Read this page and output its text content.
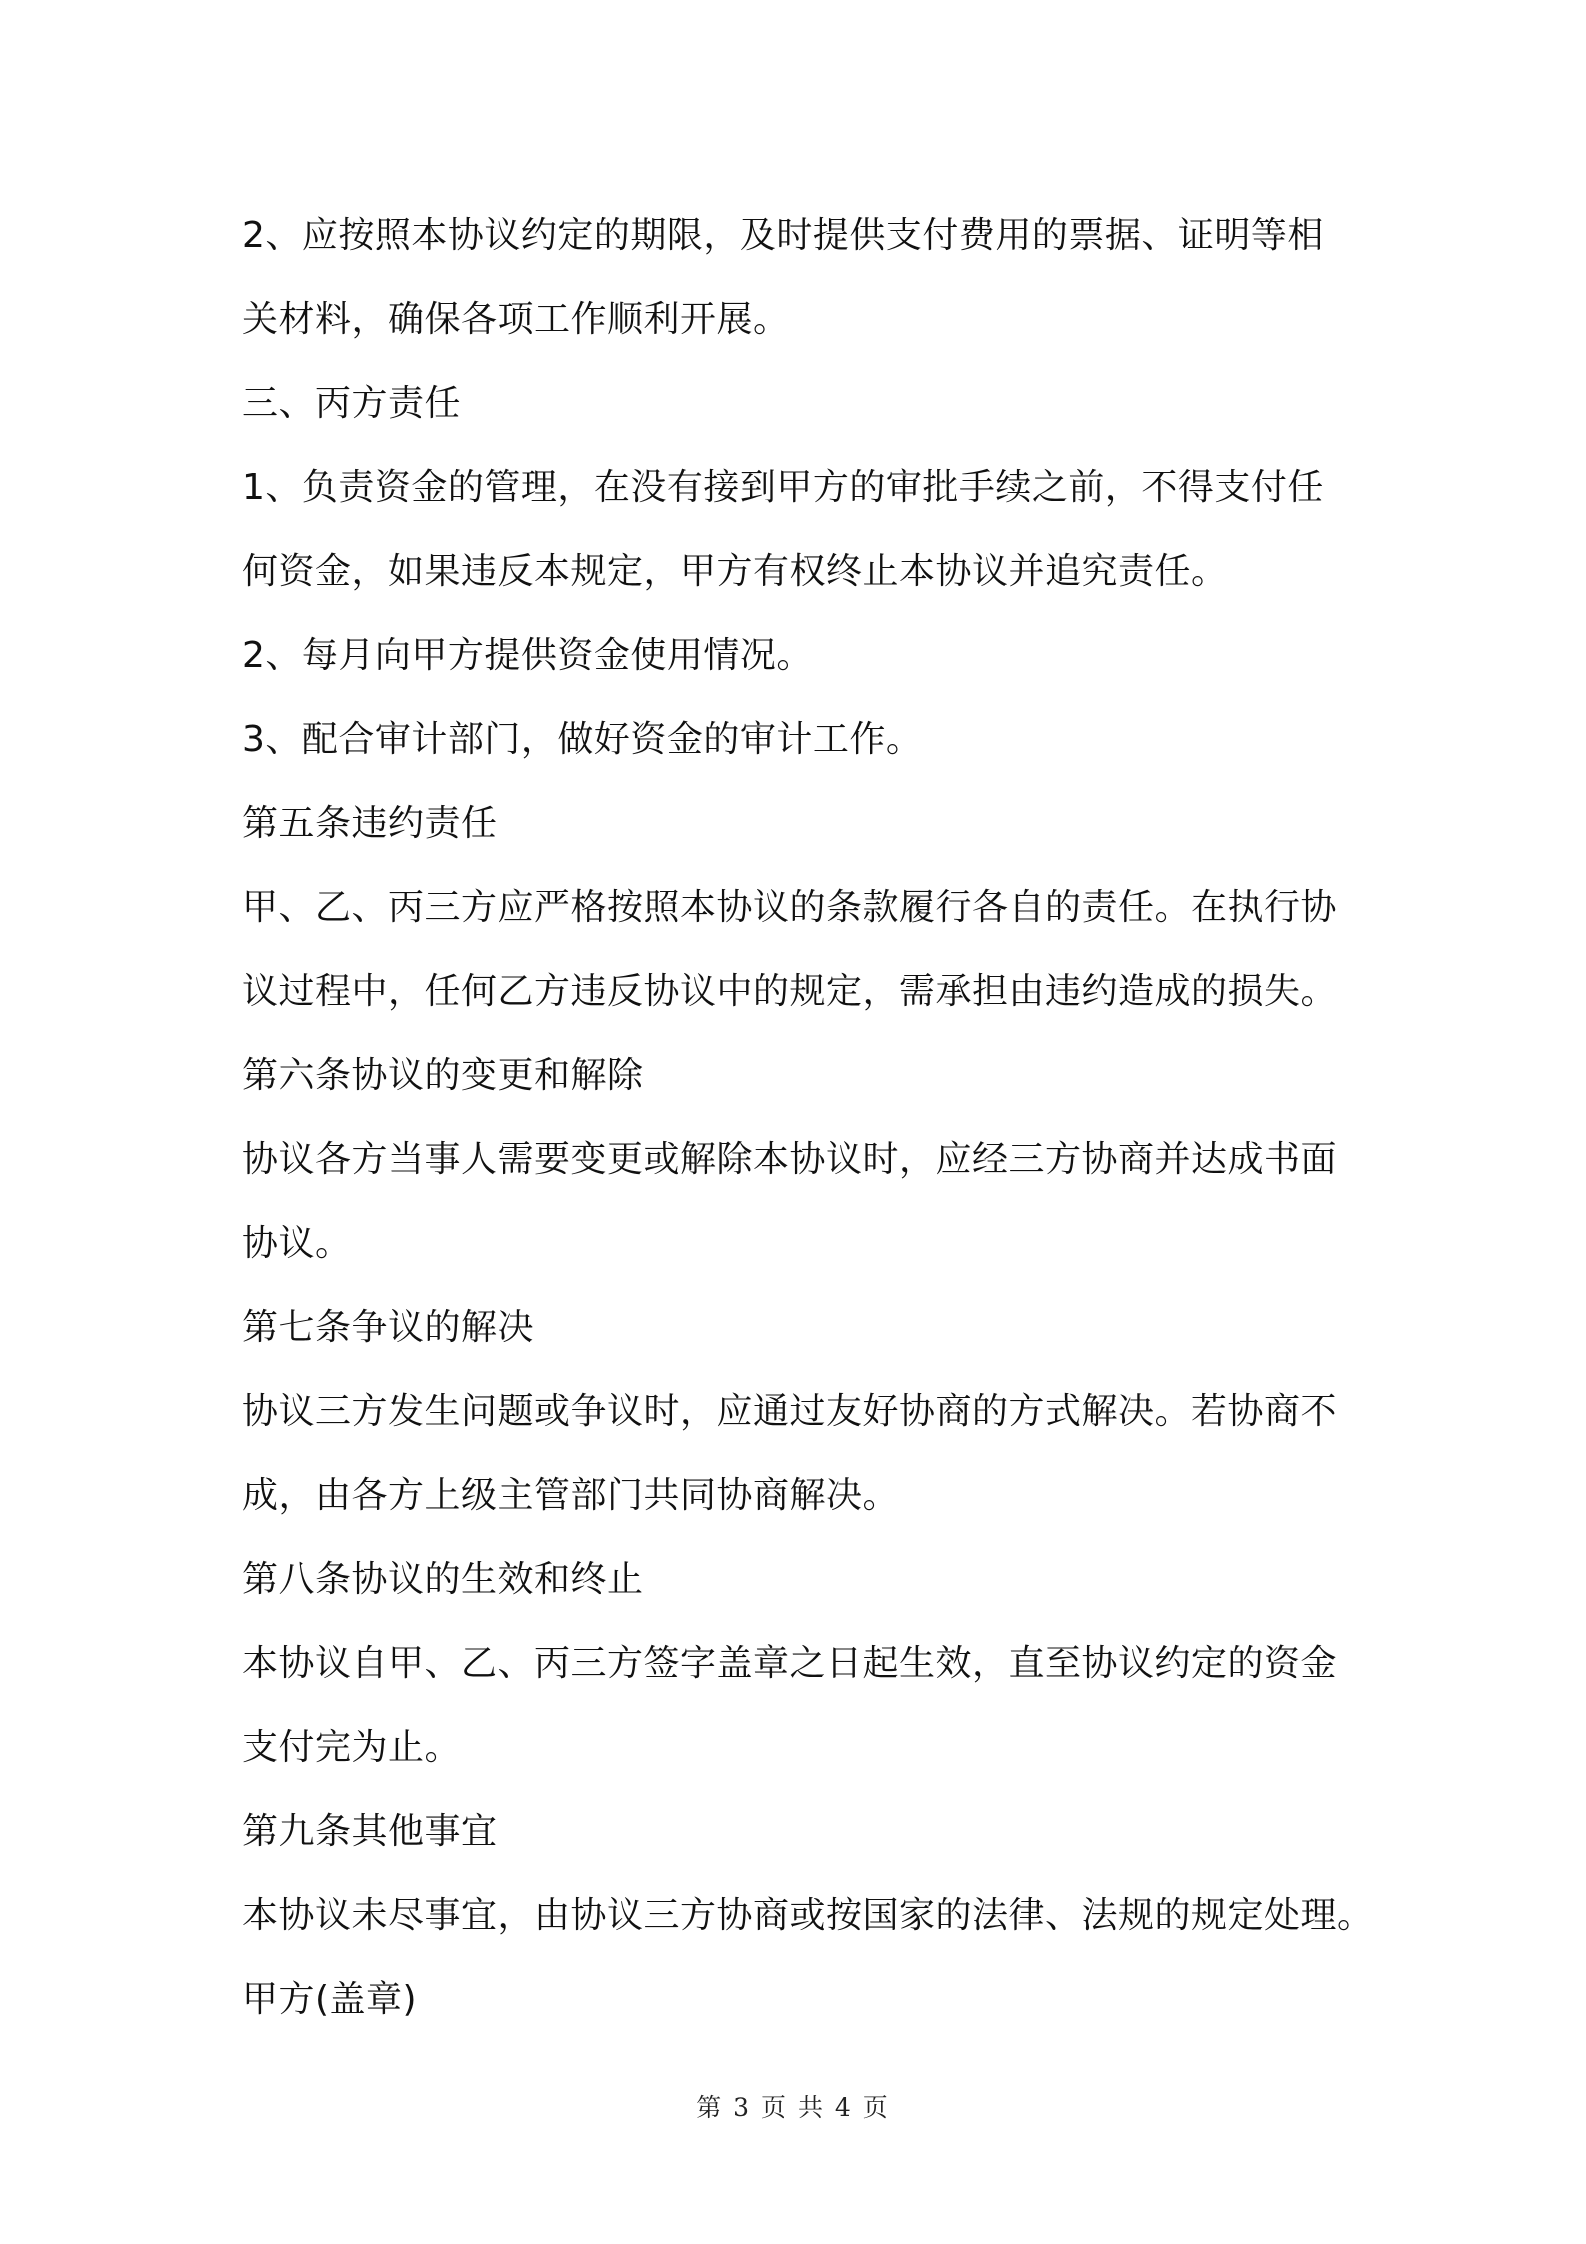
2、应按照本协议约定的期限，及时提供支付费用的票据、证明等相

关材料，确保各项工作顺利开展。

三、丙方责任

1、负责资金的管理，在没有接到甲方的审批手续之前，不得支付任

何资金，如果违反本规定，甲方有权终止本协议并追究责任。

2、每月向甲方提供资金使用情况。

3、配合审计部门，做好资金的审计工作。

第五条违约责任

甲、乙、丙三方应严格按照本协议的条款履行各自的责任。在执行协

议过程中，任何乙方违反协议中的规定，需承担由违约造成的损失。

第六条协议的变更和解除

协议各方当事人需要变更或解除本协议时，应经三方协商并达成书面

协议。

第七条争议的解决

协议三方发生问题或争议时，应通过友好协商的方式解决。若协商不

成，由各方上级主管部门共同协商解决。

第八条协议的生效和终止

本协议自甲、乙、丙三方签字盖章之日起生效，直至协议约定的资金

支付完为止。

第九条其他事宜

本协议未尽事宜，由协议三方协商或按国家的法律、法规的规定处理。

甲方(盖章)

第 3 页 共 4 页
